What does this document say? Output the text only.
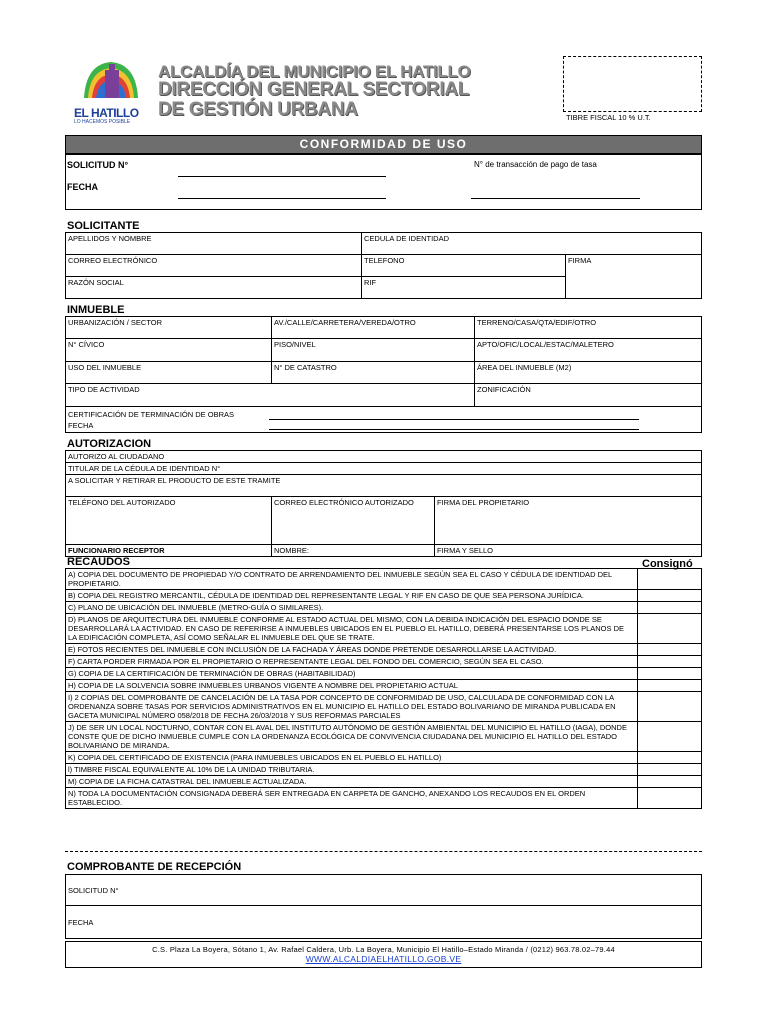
EL HATILLO
LO HACEMOS POSIBLE
ALCALDÍA DEL MUNICIPIO EL HATILLO
DIRECCIÓN GENERAL SECTORIAL
DE GESTIÓN URBANA	TIBRE FISCAL 10 % U.T.
CONFORMIDAD DE USO
SOLICITUD N°
FECHA
N° de transacción de pago de tasa
SOLICITANTE
APELLIDOS Y NOMBRE	CEDULA DE IDENTIDAD	
CORREO ELECTRÓNICO	TELEFONO	FIRMA
RAZÓN SOCIAL	RIF	
INMUEBLE
URBANIZACIÓN / SECTOR	AV./CALLE/CARRETERA/VEREDA/OTRO	TERRENO/CASA/QTA/EDIF/OTRO
N° CÍVICO	PISO/NIVEL	APTO/OFIC/LOCAL/ESTAC/MALETERO
USO DEL INMUEBLE	N° DE CATASTRO	ÁREA DEL INMUEBLE (M2)
TIPO DE ACTIVIDAD		ZONIFICACIÓN

CERTIFICACIÓN DE TERMINACIÓN DE OBRAS
FECHA		
AUTORIZACION
AUTORIZO AL CIUDADANO		
TITULAR DE LA CÉDULA DE IDENTIDAD N°		
A SOLICITAR Y RETIRAR EL PRODUCTO DE ESTE TRAMITE		
TELÉFONO DEL AUTORIZADO	CORREO ELECTRÓNICO AUTORIZADO	FIRMA DEL PROPIETARIO
FUNCIONARIO RECEPTOR	NOMBRE:	FIRMA Y SELLO
RECAUDOS	Consignó
A) COPIA DEL DOCUMENTO DE PROPIEDAD Y/O CONTRATO DE ARRENDAMIENTO DEL INMUEBLE SEGÚN SEA EL CASO Y CÉDULA DE IDENTIDAD DEL PROPIETARIO.	
B) COPIA DEL REGISTRO MERCANTIL, CÉDULA DE IDENTIDAD DEL REPRESENTANTE LEGAL Y RIF EN CASO DE QUE SEA PERSONA JURÍDICA.	
C) PLANO DE UBICACIÓN DEL INMUEBLE (METRO-GUÍA O SIMILARES).	
D) PLANOS DE ARQUITECTURA DEL INMUEBLE CONFORME AL ESTADO ACTUAL DEL MISMO, CON LA DEBIDA INDICACIÓN DEL ESPACIO DONDE SE DESARROLLARÁ LA ACTIVIDAD. EN CASO DE REFERIRSE A INMUEBLES UBICADOS EN EL PUEBLO EL HATILLO, DEBERÁ PRESENTARSE LOS PLANOS DE LA EDIFICACIÓN COMPLETA, ASÍ COMO SEÑALAR EL INMUEBLE DEL QUE SE TRATE.	
E) FOTOS RECIENTES DEL INMUEBLE CON INCLUSIÓN DE LA FACHADA Y ÁREAS DONDE PRETENDE DESARROLLARSE LA ACTIVIDAD.	
F) CARTA PORDER FIRMADA POR EL PROPIETARIO O REPRESENTANTE LEGAL DEL FONDO DEL COMERCIO, SEGÚN SEA EL CASO.	
G) COPIA DE LA CERTIFICACIÓN DE TERMINACIÓN DE OBRAS (HABITABILIDAD)	
H) COPIA DE LA SOLVENCIA SOBRE INMUEBLES URBANOS VIGENTE A NOMBRE DEL PROPIETARIO ACTUAL	
I) 2 COPIAS DEL COMPROBANTE DE CANCELACIÓN DE LA TASA POR CONCEPTO DE CONFORMIDAD DE USO, CALCULADA DE CONFORMIDAD CON LA ORDENANZA SOBRE TASAS POR SERVICIOS ADMINISTRATIVOS EN EL MUNICIPIO EL HATILLO DEL ESTADO BOLIVARIANO DE MIRANDA PUBLICADA EN GACETA MUNICIPAL NÚMERO 058/2018 DE FECHA 26/03/2018 Y SUS REFORMAS PARCIALES	
J) DE SER UN LOCAL NOCTURNO, CONTAR CON EL AVAL DEL INSTITUTO AUTÓNOMO DE GESTIÓN AMBIENTAL DEL MUNICIPIO EL HATILLO (IAGA), DONDE CONSTE QUE DE DICHO INMUEBLE CUMPLE CON LA ORDENANZA ECOLÓGICA DE CONVIVENCIA CIUDADANA DEL MUNICIPIO EL HATILLO DEL ESTADO BOLIVARIANO DE MIRANDA.	
K) COPIA DEL CERTIFICADO DE EXISTENCIA (PARA INMUEBLES UBICADOS EN EL PUEBLO EL HATILLO)	
l) TIMBRE FISCAL EQUIVALENTE AL 10% DE LA UNIDAD TRIBUTARIA.	
M) COPIA DE LA FICHA CATASTRAL DEL INMUEBLE ACTUALIZADA.	
N) TODA LA DOCUMENTACIÓN CONSIGNADA DEBERÁ SER ENTREGADA EN CARPETA DE GANCHO, ANEXANDO LOS RECAUDOS EN EL ORDEN ESTABLECIDO.	
COMPROBANTE DE RECEPCIÓN
SOLICITUD N°
FECHA
C.S. Plaza La Boyera, Sótano 1, Av. Rafael Caldera, Urb. La Boyera, Municipio El Hatillo–Estado Miranda / (0212) 963.78.02–79.44
WWW.ALCALDIAELHATILLO.GOB.VE
